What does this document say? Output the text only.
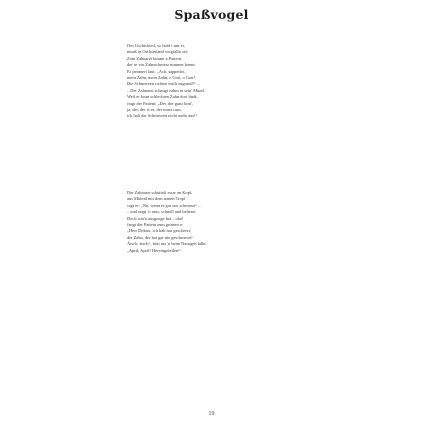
Spaßvogel
Des Gschichterl, so buid i mir ei,
muaß in Ostfriesland vorgfalln sei:
Zum Zahnarzt kimmt a Patient,
der se vor Zahnschmerz nimmer kennt.
Er jammert laut: „Ach, sapperlot,
mein Zahn, mein Zahn, o Gott, o Gott!
Die Schmerzen richten mich zugrund!“ –
– Der Zahnarzt schaugt eahm in sein' Mund.
Weil er koan schlechten Zahn dort findt,
fragt der Patient: „Der, der ganz hint',
ja, der, der is es, der muss raus,
ich halt die Schmerzen nicht mehr aus!“
Der Zahnarzt schüttelt zwar an Kopf,
aus Mitleid mit dem armen Tropf
sagt er: „Nu, wenn er gar soo schmerzt“ –
– und ziagt 'n raus, schnell und beherzt.
Doch wia'n ausgzogn hat – oho!
fangt der Patient zum grinsen o:
„Herr Doktor, ich hab nur gescherzt,
der Zahn, der hat gar nie geschmerzt!
Ätsch, ätsch“, hört ma 'n beim Nausgeh lalln,
„April, April! Hereingefallen!“
19
